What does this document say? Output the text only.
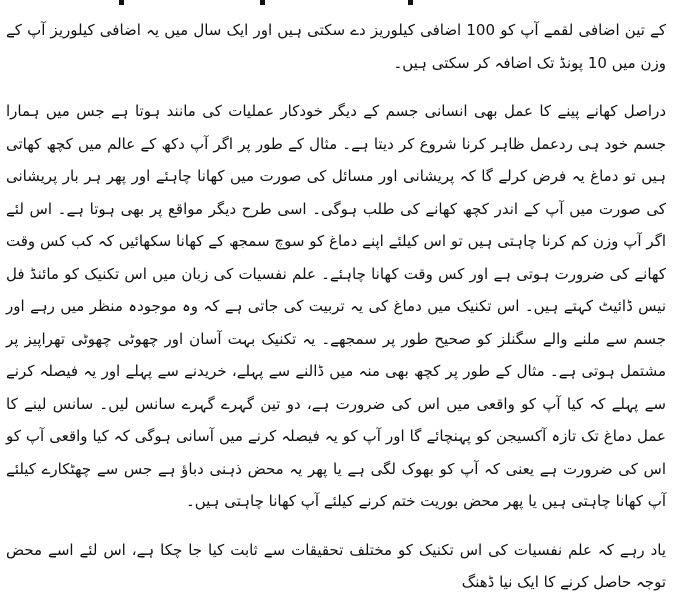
کے تین اضافی لقمے آپ کو 100 اضافی کیلوریز دے سکتی ہیں اور ایک سال میں یہ اضافی کیلوریز آپ کے وزن میں 10 پونڈ تک اضافہ کر سکتی ہیں۔

دراصل کھانے پینے کا عمل بھی انسانی جسم کے دیگر خودکار عملیات کی مانند ہوتا ہے جس میں ہمارا جسم خود ہی ردعمل ظاہر کرنا شروع کر دیتا ہے۔ مثال کے طور پر اگر آپ دکھ کے عالم میں کچھ کھاتی ہیں تو دماغ یہ فرض کرلے گا کہ پریشانی اور مسائل کی صورت میں کھانا چاہئے اور پھر ہر بار پریشانی کی صورت میں آپ کے اندر کچھ کھانے کی طلب ہوگی۔ اسی طرح دیگر مواقع پر بھی ہوتا ہے۔ اس لئے اگر آپ وزن کم کرنا چاہتی ہیں تو اس کیلئے اپنے دماغ کو سوچ سمجھ کے کھانا سکھائیں کہ کب کس وقت کھانے کی ضرورت ہوتی ہے اور کس وقت کھانا چاہئے۔ علم نفسیات کی زبان میں اس تکنیک کو مائنڈ فل نیس ڈائیٹ کہتے ہیں۔ اس تکنیک میں دماغ کی یہ تربیت کی جاتی ہے کہ وہ موجودہ منظر میں رہے اور جسم سے ملنے والے سگنلز کو صحیح طور پر سمجھے۔ یہ تکنیک بہت آسان اور چھوٹی چھوٹی تھراپیز پر مشتمل ہوتی ہے۔ مثال کے طور پر کچھ بھی منہ میں ڈالنے سے پہلے، خریدنے سے پہلے اور یہ فیصلہ کرنے سے پہلے کہ کیا آپ کو واقعی میں اس کی ضرورت ہے، دو تین گہرے گہرے سانس لیں۔ سانس لینے کا عمل دماغ تک تازہ آکسیجن کو پہنچائے گا اور آپ کو یہ فیصلہ کرنے میں آسانی ہوگی کہ کیا واقعی آپ کو اس کی ضرورت ہے یعنی کہ آپ کو بھوک لگی ہے یا پھر یہ محض ذہنی دباؤ ہے جس سے چھٹکارے کیلئے آپ کھانا چاہتی ہیں یا پھر محض بوریت ختم کرنے کیلئے آپ کھانا چاہتی ہیں۔

یاد رہے کہ علم نفسیات کی اس تکنیک کو مختلف تحقیقات سے ثابت کیا جا چکا ہے، اس لئے اسے محض توجہ حاصل کرنے کا ایک نیا ڈھنگ
